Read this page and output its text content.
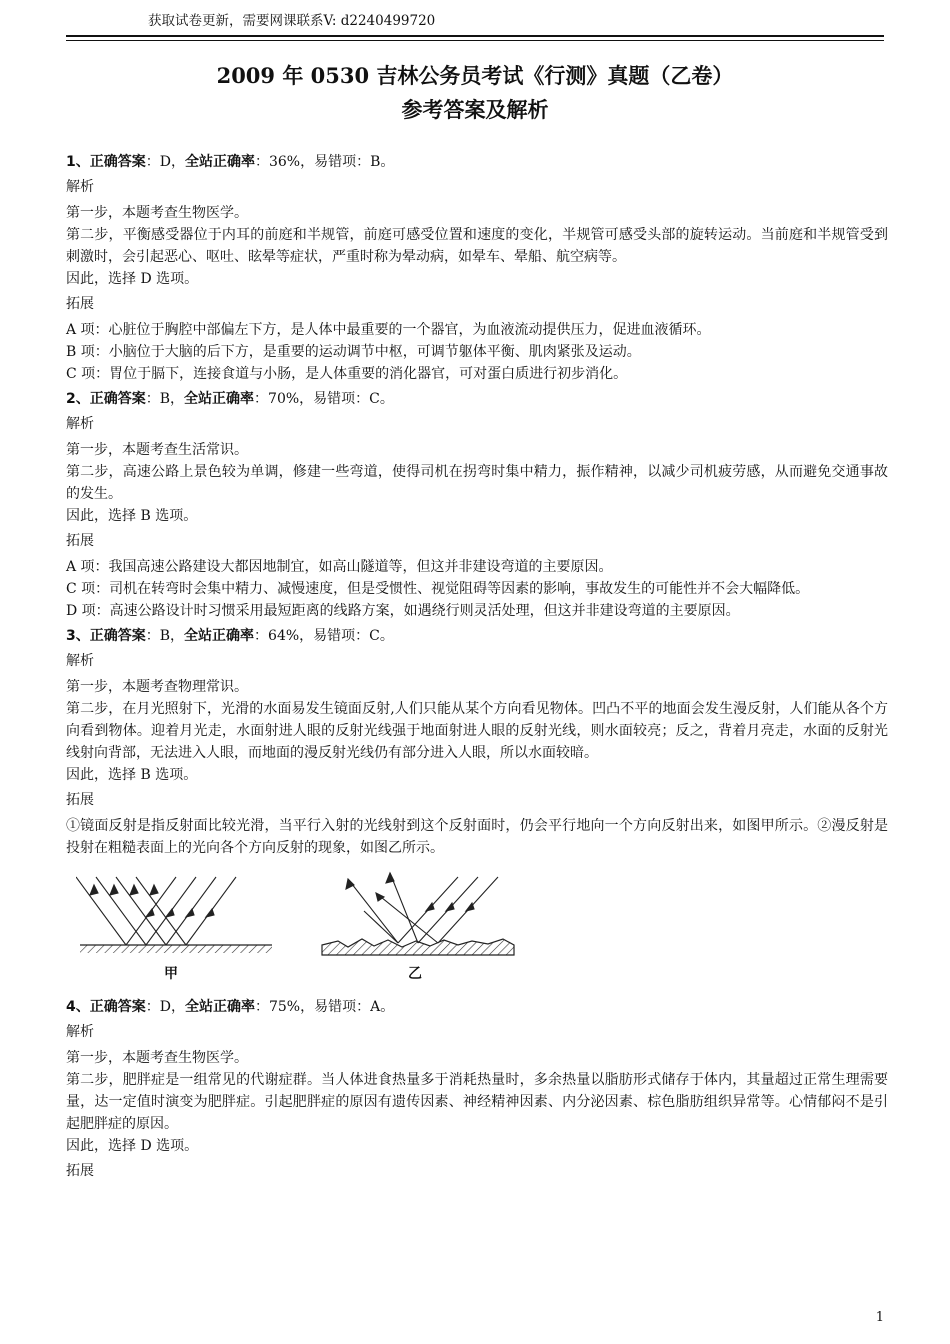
获取试卷更新，需要网课联系V: d2240499720
2009 年 0530 吉林公务员考试《行测》真题（乙卷）
参考答案及解析
1、正确答案：D，全站正确率：36%，易错项：B。
解析
第一步，本题考查生物医学。
第二步，平衡感受器位于内耳的前庭和半规管，前庭可感受位置和速度的变化，半规管可感受头部的旋转运动。当前庭和半规管受到刺激时，会引起恶心、呕吐、眩晕等症状，严重时称为晕动病，如晕车、晕船、航空病等。
因此，选择 D 选项。
拓展
A 项：心脏位于胸腔中部偏左下方，是人体中最重要的一个器官，为血液流动提供压力，促进血液循环。
B 项：小脑位于大脑的后下方，是重要的运动调节中枢，可调节躯体平衡、肌肉紧张及运动。
C 项：胃位于膈下，连接食道与小肠，是人体重要的消化器官，可对蛋白质进行初步消化。
2、正确答案：B，全站正确率：70%，易错项：C。
解析
第一步，本题考查生活常识。
第二步，高速公路上景色较为单调，修建一些弯道，使得司机在拐弯时集中精力，振作精神，以减少司机疲劳感，从而避免交通事故的发生。
因此，选择 B 选项。
拓展
A 项：我国高速公路建设大都因地制宜，如高山隧道等，但这并非建设弯道的主要原因。
C 项：司机在转弯时会集中精力、减慢速度，但是受惯性、视觉阻碍等因素的影响，事故发生的可能性并不会大幅降低。
D 项：高速公路设计时习惯采用最短距离的线路方案，如遇绕行则灵活处理，但这并非建设弯道的主要原因。
3、正确答案：B，全站正确率：64%，易错项：C。
解析
第一步，本题考查物理常识。
第二步，在月光照射下，光滑的水面易发生镜面反射,人们只能从某个方向看见物体。凹凸不平的地面会发生漫反射，人们能从各个方向看到物体。迎着月光走，水面射进人眼的反射光线强于地面射进人眼的反射光线，则水面较亮；反之，背着月亮走，水面的反射光线射向背部，无法进入人眼，而地面的漫反射光线仍有部分进入人眼，所以水面较暗。
因此，选择 B 选项。
拓展
①镜面反射是指反射面比较光滑，当平行入射的光线射到这个反射面时，仍会平行地向一个方向反射出来，如图甲所示。②漫反射是投射在粗糙表面上的光向各个方向反射的现象，如图乙所示。
甲	乙
4、正确答案：D，全站正确率：75%，易错项：A。
解析
第一步，本题考查生物医学。
第二步，肥胖症是一组常见的代谢症群。当人体进食热量多于消耗热量时，多余热量以脂肪形式储存于体内，其量超过正常生理需要量，达一定值时演变为肥胖症。引起肥胖症的原因有遗传因素、神经精神因素、内分泌因素、棕色脂肪组织异常等。心情郁闷不是引起肥胖症的原因。
因此，选择 D 选项。
拓展
1
